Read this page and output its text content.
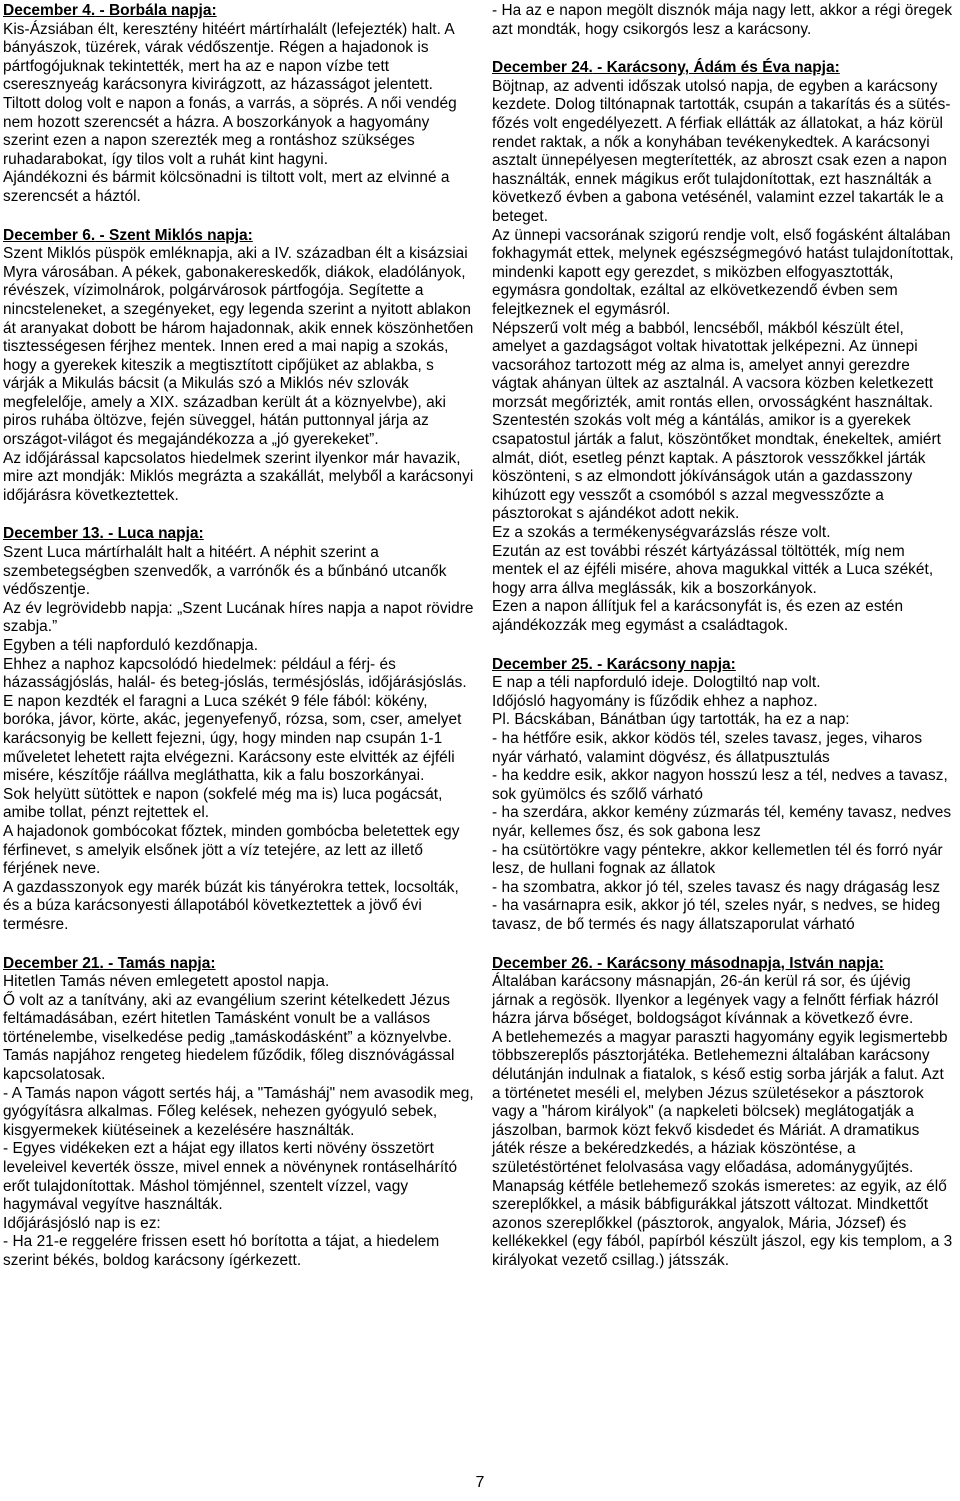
December 4. - Borbála napja:

Kis-Ázsiában élt, keresztény hitéért mártírhalált (lefejezték) halt. A bányászok, tüzérek, várak védőszentje. Régen a hajadonok is pártfogójuknak tekintették, mert ha az e napon vízbe tett cseresznyeág karácsonyra kivirágzott, az házasságot jelentett.

Tiltott dolog volt e napon a fonás, a varrás, a söprés. A női vendég nem hozott szerencsét a házra. A boszorkányok a hagyomány szerint ezen a napon szerezték meg a rontáshoz szükséges ruhadarabokat, így tilos volt a ruhát kint hagyni.

Ajándékozni és bármit kölcsönadni is tiltott volt, mert az elvinné a szerencsét a háztól.

December 6. - Szent Miklós napja:

Szent Miklós püspök emléknapja, aki a IV. században élt a kisázsiai Myra városában. A pékek, gabonakereskedők, diákok, eladólányok, révészek, vízimolnárok, polgárvárosok pártfogója. Segítette a nincsteleneket, a szegényeket, egy legenda szerint a nyitott ablakon át aranyakat dobott be három hajadonnak, akik ennek köszönhetően tisztességesen férjhez mentek. Innen ered a mai napig a szokás, hogy a gyerekek kiteszik a megtisztított cipőjüket az ablakba, s várják a Mikulás bácsit (a Mikulás szó a Miklós név szlovák megfelelője, amely a XIX. században került át a köznyelvbe), aki piros ruhába öltözve, fején süveggel, hátán puttonnyal járja az országot-világot és megajándékozza a „jó gyerekeket”.

Az időjárással kapcsolatos hiedelmek szerint ilyenkor már havazik, mire azt mondják: Miklós megrázta a szakállát, melyből a karácsonyi időjárásra következtettek.

December 13. - Luca napja:

Szent Luca mártírhalált halt a hitéért. A néphit szerint a szembetegségben szenvedők, a varrónők és a bűnbánó utcanők védőszentje.

Az év legrövidebb napja: „Szent Lucának híres napja a napot rövidre szabja.”

Egyben a téli napforduló kezdőnapja.

Ehhez a naphoz kapcsolódó hiedelmek: például a férj- és házasságjóslás, halál- és beteg-jóslás, termésjóslás, időjárásjóslás.

E napon kezdték el faragni a Luca székét 9 féle fából: kökény, boróka, jávor, körte, akác, jegenyefenyő, rózsa, som, cser, amelyet karácsonyig be kellett fejezni, úgy, hogy minden nap csupán 1-1 műveletet lehetett rajta elvégezni. Karácsony este elvitték az éjféli misére, készítője ráállva megláthatta, kik a falu boszorkányai.

Sok helyütt sütöttek e napon (sokfelé még ma is) luca pogácsát, amibe tollat, pénzt rejtettek el.

A hajadonok gombócokat főztek, minden gombócba beletettek egy férfinevet, s amelyik elsőnek jött a víz tetejére, az lett az illető férjének neve.

A gazdasszonyok egy marék búzát kis tányérokra tettek, locsolták, és a búza karácsonyesti állapotából következtettek a jövő évi termésre.

December 21. - Tamás napja:

Hitetlen Tamás néven emlegetett apostol napja.

Ő volt az a tanítvány, aki az evangélium szerint kételkedett Jézus feltámadásában, ezért hitetlen Tamásként vonult be a vallásos történelembe, viselkedése pedig „tamáskodásként” a köznyelvbe.

Tamás napjához rengeteg hiedelem fűződik, főleg disznóvágással kapcsolatosak.

- A Tamás napon vágott sertés háj, a "Tamásháj" nem avasodik meg, gyógyításra alkalmas. Főleg kelések, nehezen gyógyuló sebek, kisgyermekek kiütéseinek a kezelésére használták.

- Egyes vidékeken ezt a hájat egy illatos kerti növény összetört leveleivel keverték össze, mivel ennek a növénynek rontáselhárító erőt tulajdonítottak. Máshol tömjénnel, szentelt vízzel, vagy hagymával vegyítve használták.

Időjárásjósló nap is ez:

- Ha 21-e reggelére frissen esett hó borította a tájat, a hiedelem szerint békés, boldog karácsony ígérkezett.

- Ha az e napon megölt disznók mája nagy lett, akkor a régi öregek azt mondták, hogy csikorgós lesz a karácsony.

December 24. - Karácsony, Ádám és Éva napja:

Böjtnap, az adventi időszak utolsó napja, de egyben a karácsony kezdete. Dolog tiltónapnak tartották, csupán a takarítás és a sütés-főzés volt engedélyezett. A férfiak ellátták az állatokat, a ház körül rendet raktak, a nők a konyhában tevékenykedtek. A karácsonyi asztalt ünnepélyesen megterítették, az abroszt csak ezen a napon használták, ennek mágikus erőt tulajdonítottak, ezt használták a következő évben a gabona vetésénél, valamint ezzel takarták le a beteget.

Az ünnepi vacsorának szigorú rendje volt, első fogásként általában fokhagymát ettek, melynek egészségmegóvó hatást tulajdonítottak, mindenki kapott egy gerezdet, s miközben elfogyasztották, egymásra gondoltak, ezáltal az elkövetkezendő évben sem felejtkeznek el egymásról.

Népszerű volt még a babból, lencséből, mákból készült étel, amelyet a gazdagságot voltak hivatottak jelképezni. Az ünnepi vacsorához tartozott még az alma is, amelyet annyi gerezdre vágtak ahányan ültek az asztalnál. A vacsora közben keletkezett morzsát megőrizték, amit rontás ellen, orvosságként használtak.

Szentestén szokás volt még a kántálás, amikor is a gyerekek csapatostul járták a falut, köszöntőket mondtak, énekeltek, amiért almát, diót, esetleg pénzt kaptak. A pásztorok vesszőkkel járták köszönteni, s az elmondott jókívánságok után a gazdasszony kihúzott egy vesszőt a csomóból s azzal megvesszőzte a pásztorokat s ajándékot adott nekik.

Ez a szokás a termékenységvarázslás része volt.

Ezután az est további részét kártyázással töltötték, míg nem mentek el az éjféli misére, ahova magukkal vitték a Luca székét, hogy arra állva meglássák, kik a boszorkányok.

Ezen a napon állítjuk fel a karácsonyfát is, és ezen az estén ajándékozzák meg egymást a családtagok.

December 25. - Karácsony napja:

E nap a téli napforduló ideje. Dologtiltó nap volt.

Időjósló hagyomány is fűződik ehhez a naphoz.

Pl. Bácskában, Bánátban úgy tartották, ha ez a nap:

- ha hétfőre esik, akkor ködös tél, szeles tavasz, jeges, viharos nyár várható, valamint dögvész, és állatpusztulás

- ha keddre esik, akkor nagyon hosszú lesz a tél, nedves a tavasz, sok gyümölcs és szőlő várható

- ha szerdára, akkor kemény zúzmarás tél, kemény tavasz, nedves nyár, kellemes ősz, és sok gabona lesz

- ha csütörtökre vagy péntekre, akkor kellemetlen tél és forró nyár lesz, de hullani fognak az állatok

- ha szombatra, akkor jó tél, szeles tavasz és nagy drágaság lesz

- ha vasárnapra esik, akkor jó tél, szeles nyár, s nedves, se hideg tavasz, de bő termés és nagy állatszaporulat várható

December 26. - Karácsony másodnapja, István napja:

Általában karácsony másnapján, 26-án kerül rá sor, és újévig járnak a regösök. Ilyenkor a legények vagy a felnőtt férfiak házról házra járva bőséget, boldogságot kívánnak a következő évre.

A betlehemezés a magyar paraszti hagyomány egyik legismertebb többszereplős pásztorjátéka. Betlehemezni általában karácsony délutánján indulnak a fiatalok, s késő estig sorba járják a falut. Azt a történetet meséli el, melyben Jézus születésekor a pásztorok vagy a "három királyok" (a napkeleti bölcsek) meglátogatják a jászolban, barmok közt fekvő kisdedet és Máriát. A dramatikus játék része a bekéredzkedés, a háziak köszöntése, a születéstörténet felolvasása vagy előadása, adománygyűjtés.

Manapság kétféle betlehemező szokás ismeretes: az egyik, az élő szereplőkkel, a másik bábfigurákkal játszott változat. Mindkettőt azonos szereplőkkel (pásztorok, angyalok, Mária, József) és kellékekkel (egy fából, papírból készült jászol, egy kis templom, a 3 királyokat vezető csillag.) játsszák.

7
